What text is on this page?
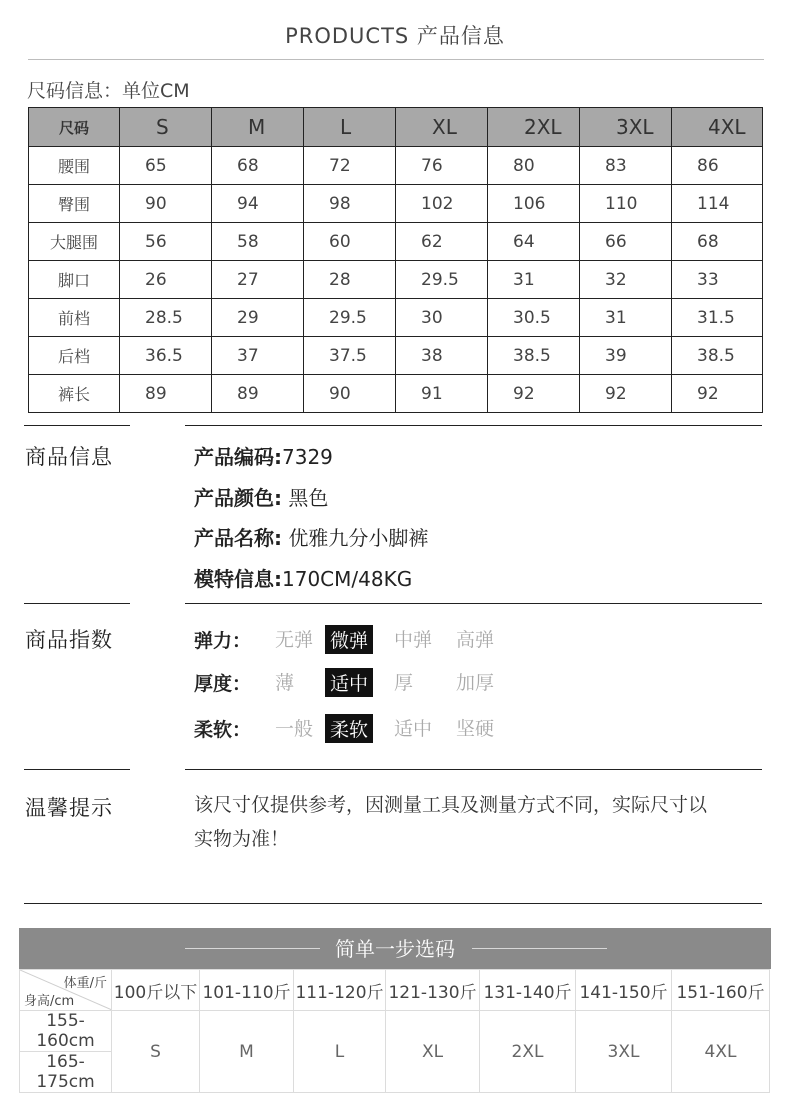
PRODUCTS 产品信息
尺码信息：单位CM
尺码	S	M	L	XL	2XL	3XL	4XL
腰围	65	68	72	76	80	83	86
臀围	90	94	98	102	106	110	114
大腿围	56	58	60	62	64	66	68
脚口	26	27	28	29.5	31	32	33
前档	28.5	29	29.5	30	30.5	31	31.5
后档	36.5	37	37.5	38	38.5	39	38.5
裤长	89	89	90	91	92	92	92
商品信息	产品编码:7329
产品颜色: 黑色
产品名称: 优雅九分小脚裤
模特信息:170CM/48KG
商品指数	弹力： 无弹 微弹 中弹 高弹
厚度： 薄 适中 厚 加厚
柔软： 一般 柔软 适中 坚硬
温馨提示	该尺寸仅提供参考，因测量工具及测量方式不同，实际尺寸以
实物为准！
简单一步选码
体重/斤
身高/cm	100斤以下	101-110斤	111-120斤	121-130斤	131-140斤	141-150斤	151-160斤
155-160cm	S	M	L	XL	2XL	3XL	4XL
165-175cm							
